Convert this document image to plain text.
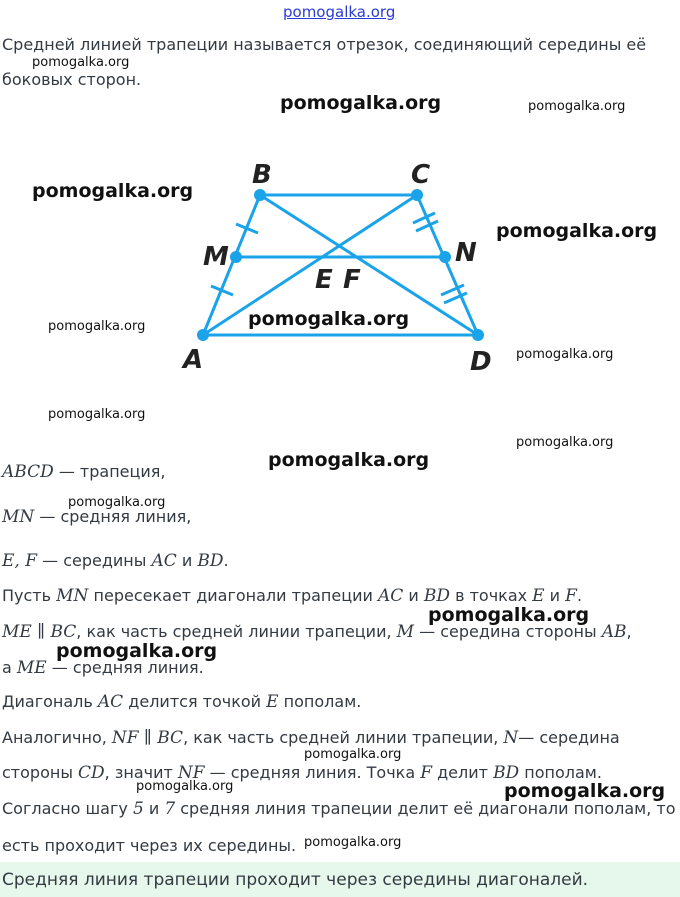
pomogalka.org
Средней линией трапеции называется отрезок, соединяющий середины её
боковых сторон.
B	C
M	N
E F
A	D
ABCD — трапеция,
MN — средняя линия,
E, F — середины AC и BD.
Пусть MN пересекает диагонали трапеции AC и BD в точках E и F.
ME ∥ BC, как часть средней линии трапеции, M — середина стороны AB,
а ME — средняя линия.
Диагональ AC делится точкой E пополам.
Аналогично, NF ∥ BC, как часть средней линии трапеции, N— середина
стороны CD, значит NF — средняя линия. Точка F делит BD пополам.
Согласно шагу 5 и 7 средняя линия трапеции делит её диагонали пополам, то
есть проходит через их середины.
Средняя линия трапеции проходит через середины диагоналей.
pomogalka.org
pomogalka.org	pomogalka.org
pomogalka.org
pomogalka.org
pomogalka.org	pomogalka.org
pomogalka.org
pomogalka.org
pomogalka.org
pomogalka.org
pomogalka.org
pomogalka.org
pomogalka.org
pomogalka.org
pomogalka.org
pomogalka.org
pomogalka.org
